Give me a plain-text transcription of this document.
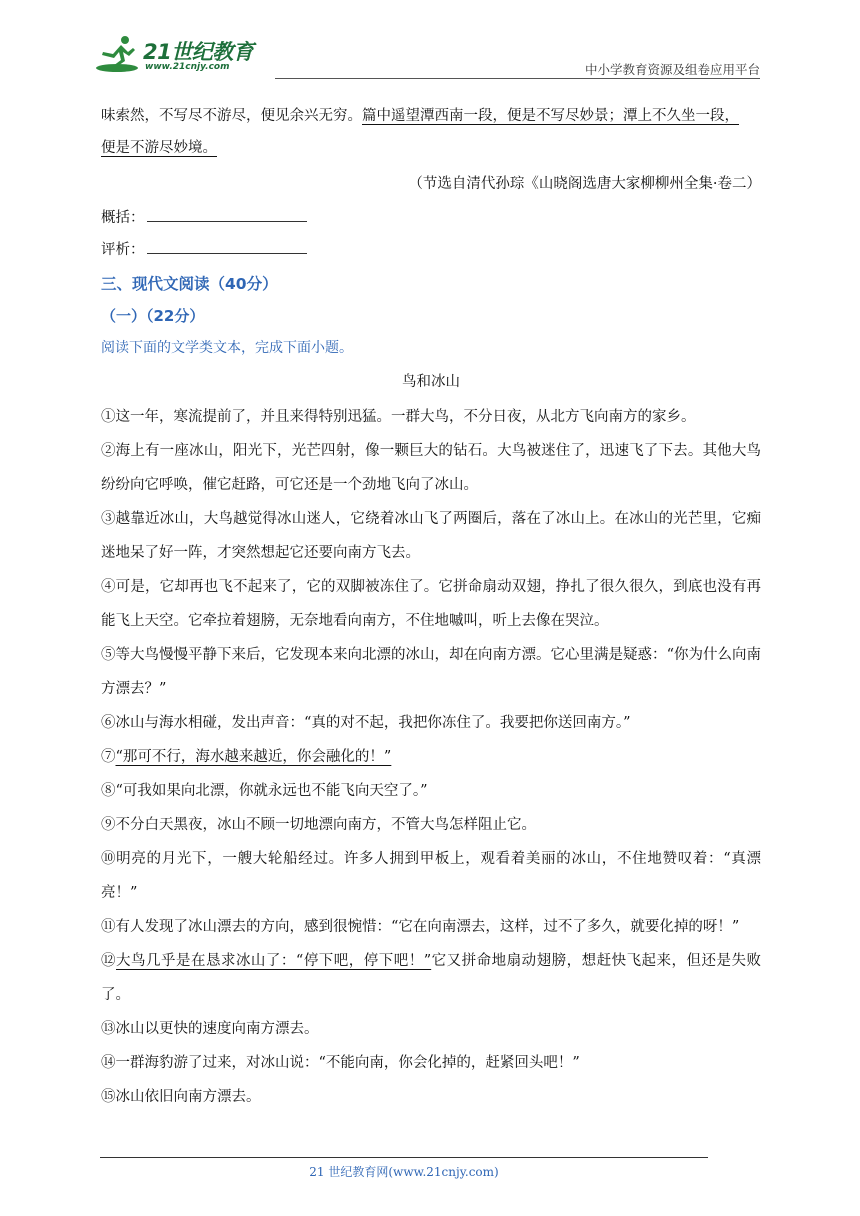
21世纪教育
www.21cnjy.com	中小学教育资源及组卷应用平台

味索然，不写尽不游尽，便见余兴无穷。篇中遥望潭西南一段，便是不写尽妙景；潭上不久坐一段，
便是不游尽妙境。

（节选自清代孙琮《山晓阁选唐大家柳柳州全集·卷二）

概括：
评析：

三、现代文阅读（40分）

（一）（22分）

阅读下面的文学类文本，完成下面小题。

鸟和冰山

①这一年，寒流提前了，并且来得特别迅猛。一群大鸟，不分日夜，从北方飞向南方的家乡。

②海上有一座冰山，阳光下，光芒四射，像一颗巨大的钻石。大鸟被迷住了，迅速飞了下去。其他大鸟纷纷向它呼唤，催它赶路，可它还是一个劲地飞向了冰山。

③越靠近冰山，大鸟越觉得冰山迷人，它绕着冰山飞了两圈后，落在了冰山上。在冰山的光芒里，它痴迷地呆了好一阵，才突然想起它还要向南方飞去。

④可是，它却再也飞不起来了，它的双脚被冻住了。它拼命扇动双翅，挣扎了很久很久，到底也没有再能飞上天空。它牵拉着翅膀，无奈地看向南方，不住地嘁叫，听上去像在哭泣。

⑤等大鸟慢慢平静下来后，它发现本来向北漂的冰山，却在向南方漂。它心里满是疑惑：“你为什么向南方漂去？”

⑥冰山与海水相碰，发出声音：“真的对不起，我把你冻住了。我要把你送回南方。”

⑦“那可不行，海水越来越近，你会融化的！”

⑧“可我如果向北漂，你就永远也不能飞向天空了。”

⑨不分白天黑夜，冰山不顾一切地漂向南方，不管大鸟怎样阻止它。

⑩明亮的月光下，一艘大轮船经过。许多人拥到甲板上，观看着美丽的冰山，不住地赞叹着：“真漂亮！”

⑪有人发现了冰山漂去的方向，感到很惋惜：“它在向南漂去，这样，过不了多久，就要化掉的呀！”

⑫大鸟几乎是在恳求冰山了：“停下吧，停下吧！”它又拼命地扇动翅膀，想赶快飞起来，但还是失败了。

⑬冰山以更快的速度向南方漂去。

⑭一群海豹游了过来，对冰山说：“不能向南，你会化掉的，赶紧回头吧！”

⑮冰山依旧向南方漂去。

21 世纪教育网(www.21cnjy.com)
